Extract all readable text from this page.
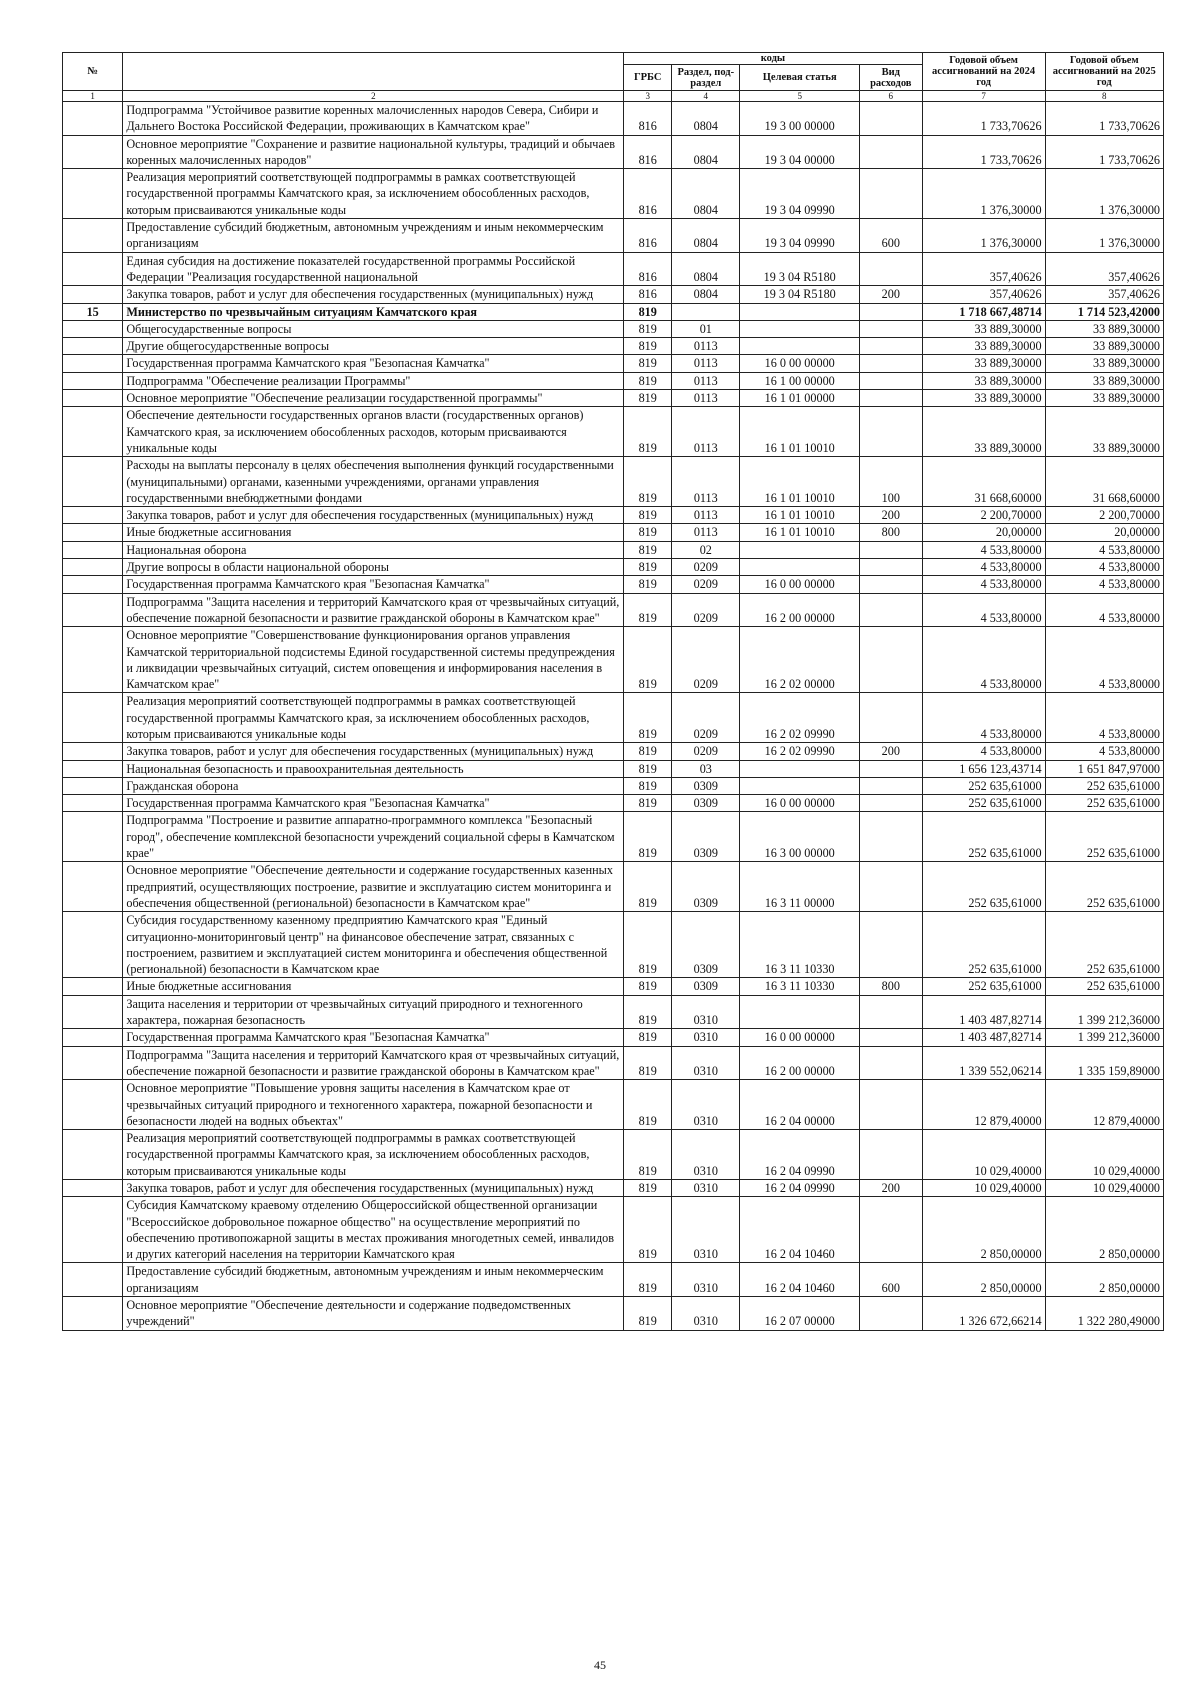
№		коды				Годовой объем ассигнований на 2024 год	Годовой объем ассигнований на 2025 год
		ГРБС	Раздел, под-раздел	Целевая статья	Вид расходов		
1	2	3	4	5	6	7	8
	Подпрограмма "Устойчивое развитие коренных малочисленных народов Севера, Сибири и Дальнего Востока Российской Федерации, проживающих в Камчатском крае"	816	0804	19 3 00 00000		1 733,70626	1 733,70626
	Основное мероприятие "Сохранение и развитие национальной культуры, традиций и обычаев коренных малочисленных народов"	816	0804	19 3 04 00000		1 733,70626	1 733,70626
	Реализация мероприятий соответствующей подпрограммы в рамках соответствующей государственной программы Камчатского края, за исключением обособленных расходов, которым присваиваются уникальные коды	816	0804	19 3 04 09990		1 376,30000	1 376,30000
	Предоставление субсидий бюджетным, автономным учреждениям и иным некоммерческим организациям	816	0804	19 3 04 09990	600	1 376,30000	1 376,30000
	Единая субсидия на достижение показателей государственной программы Российской Федерации "Реализация государственной национальной	816	0804	19 3 04 R5180		357,40626	357,40626
	Закупка товаров, работ и услуг для обеспечения государственных (муниципальных) нужд	816	0804	19 3 04 R5180	200	357,40626	357,40626
15	Министерство по чрезвычайным ситуациям Камчатского края	819				1 718 667,48714	1 714 523,42000
	Общегосударственные вопросы	819	01			33 889,30000	33 889,30000
	Другие общегосударственные вопросы	819	0113			33 889,30000	33 889,30000
	Государственная программа Камчатского края "Безопасная Камчатка"	819	0113	16 0 00 00000		33 889,30000	33 889,30000
	Подпрограмма "Обеспечение реализации Программы"	819	0113	16 1 00 00000		33 889,30000	33 889,30000
	Основное мероприятие "Обеспечение реализации государственной программы"	819	0113	16 1 01 00000		33 889,30000	33 889,30000
	Обеспечение деятельности государственных органов власти (государственных органов) Камчатского края, за исключением обособленных расходов, которым присваиваются уникальные коды	819	0113	16 1 01 10010		33 889,30000	33 889,30000
	Расходы на выплаты персоналу в целях обеспечения выполнения функций государственными (муниципальными) органами, казенными учреждениями, органами управления государственными внебюджетными фондами	819	0113	16 1 01 10010	100	31 668,60000	31 668,60000
	Закупка товаров, работ и услуг для обеспечения государственных (муниципальных) нужд	819	0113	16 1 01 10010	200	2 200,70000	2 200,70000
	Иные бюджетные ассигнования	819	0113	16 1 01 10010	800	20,00000	20,00000
	Национальная оборона	819	02			4 533,80000	4 533,80000
	Другие вопросы в области национальной обороны	819	0209			4 533,80000	4 533,80000
	Государственная программа Камчатского края "Безопасная Камчатка"	819	0209	16 0 00 00000		4 533,80000	4 533,80000
	Подпрограмма "Защита населения и территорий Камчатского края от чрезвычайных ситуаций, обеспечение пожарной безопасности и развитие гражданской обороны в Камчатском крае"	819	0209	16 2 00 00000		4 533,80000	4 533,80000
	Основное мероприятие "Совершенствование функционирования органов управления Камчатской территориальной подсистемы Единой государственной системы предупреждения и ликвидации чрезвычайных ситуаций, систем оповещения и информирования населения в Камчатском крае"	819	0209	16 2 02 00000		4 533,80000	4 533,80000
	Реализация мероприятий соответствующей подпрограммы в рамках соответствующей государственной программы Камчатского края, за исключением обособленных расходов, которым присваиваются уникальные коды	819	0209	16 2 02 09990		4 533,80000	4 533,80000
	Закупка товаров, работ и услуг для обеспечения государственных (муниципальных) нужд	819	0209	16 2 02 09990	200	4 533,80000	4 533,80000
	Национальная безопасность и правоохранительная деятельность	819	03			1 656 123,43714	1 651 847,97000
	Гражданская оборона	819	0309			252 635,61000	252 635,61000
	Государственная программа Камчатского края "Безопасная Камчатка"	819	0309	16 0 00 00000		252 635,61000	252 635,61000
	Подпрограмма "Построение и развитие аппаратно-программного комплекса "Безопасный город", обеспечение комплексной безопасности учреждений социальной сферы в Камчатском крае"	819	0309	16 3 00 00000		252 635,61000	252 635,61000
	Основное мероприятие "Обеспечение деятельности и содержание государственных казенных предприятий, осуществляющих построение, развитие и эксплуатацию систем мониторинга и обеспечения общественной (региональной) безопасности в Камчатском крае"	819	0309	16 3 11 00000		252 635,61000	252 635,61000
	Субсидия государственному казенному предприятию Камчатского края "Единый ситуационно-мониторинговый центр" на финансовое обеспечение затрат, связанных с построением, развитием и эксплуатацией систем мониторинга и обеспечения общественной (региональной) безопасности в Камчатском крае	819	0309	16 3 11 10330		252 635,61000	252 635,61000
	Иные бюджетные ассигнования	819	0309	16 3 11 10330	800	252 635,61000	252 635,61000
	Защита населения и территории от чрезвычайных ситуаций природного и техногенного характера, пожарная безопасность	819	0310			1 403 487,82714	1 399 212,36000
	Государственная программа Камчатского края "Безопасная Камчатка"	819	0310	16 0 00 00000		1 403 487,82714	1 399 212,36000
	Подпрограмма "Защита населения и территорий Камчатского края от чрезвычайных ситуаций, обеспечение пожарной безопасности и развитие гражданской обороны в Камчатском крае"	819	0310	16 2 00 00000		1 339 552,06214	1 335 159,89000
	Основное мероприятие "Повышение уровня защиты населения в Камчатском крае от чрезвычайных ситуаций природного и техногенного характера, пожарной безопасности и безопасности людей на водных объектах"	819	0310	16 2 04 00000		12 879,40000	12 879,40000
	Реализация мероприятий соответствующей подпрограммы в рамках соответствующей государственной программы Камчатского края, за исключением обособленных расходов, которым присваиваются уникальные коды	819	0310	16 2 04 09990		10 029,40000	10 029,40000
	Закупка товаров, работ и услуг для обеспечения государственных (муниципальных) нужд	819	0310	16 2 04 09990	200	10 029,40000	10 029,40000
	Субсидия Камчатскому краевому отделению Общероссийской общественной организации "Всероссийское добровольное пожарное общество" на осуществление мероприятий по обеспечению противопожарной защиты в местах проживания многодетных семей, инвалидов и других категорий населения на территории Камчатского края	819	0310	16 2 04 10460		2 850,00000	2 850,00000
	Предоставление субсидий бюджетным, автономным учреждениям и иным некоммерческим организациям	819	0310	16 2 04 10460	600	2 850,00000	2 850,00000
	Основное мероприятие "Обеспечение деятельности и содержание подведомственных учреждений"	819	0310	16 2 07 00000		1 326 672,66214	1 322 280,49000
45
